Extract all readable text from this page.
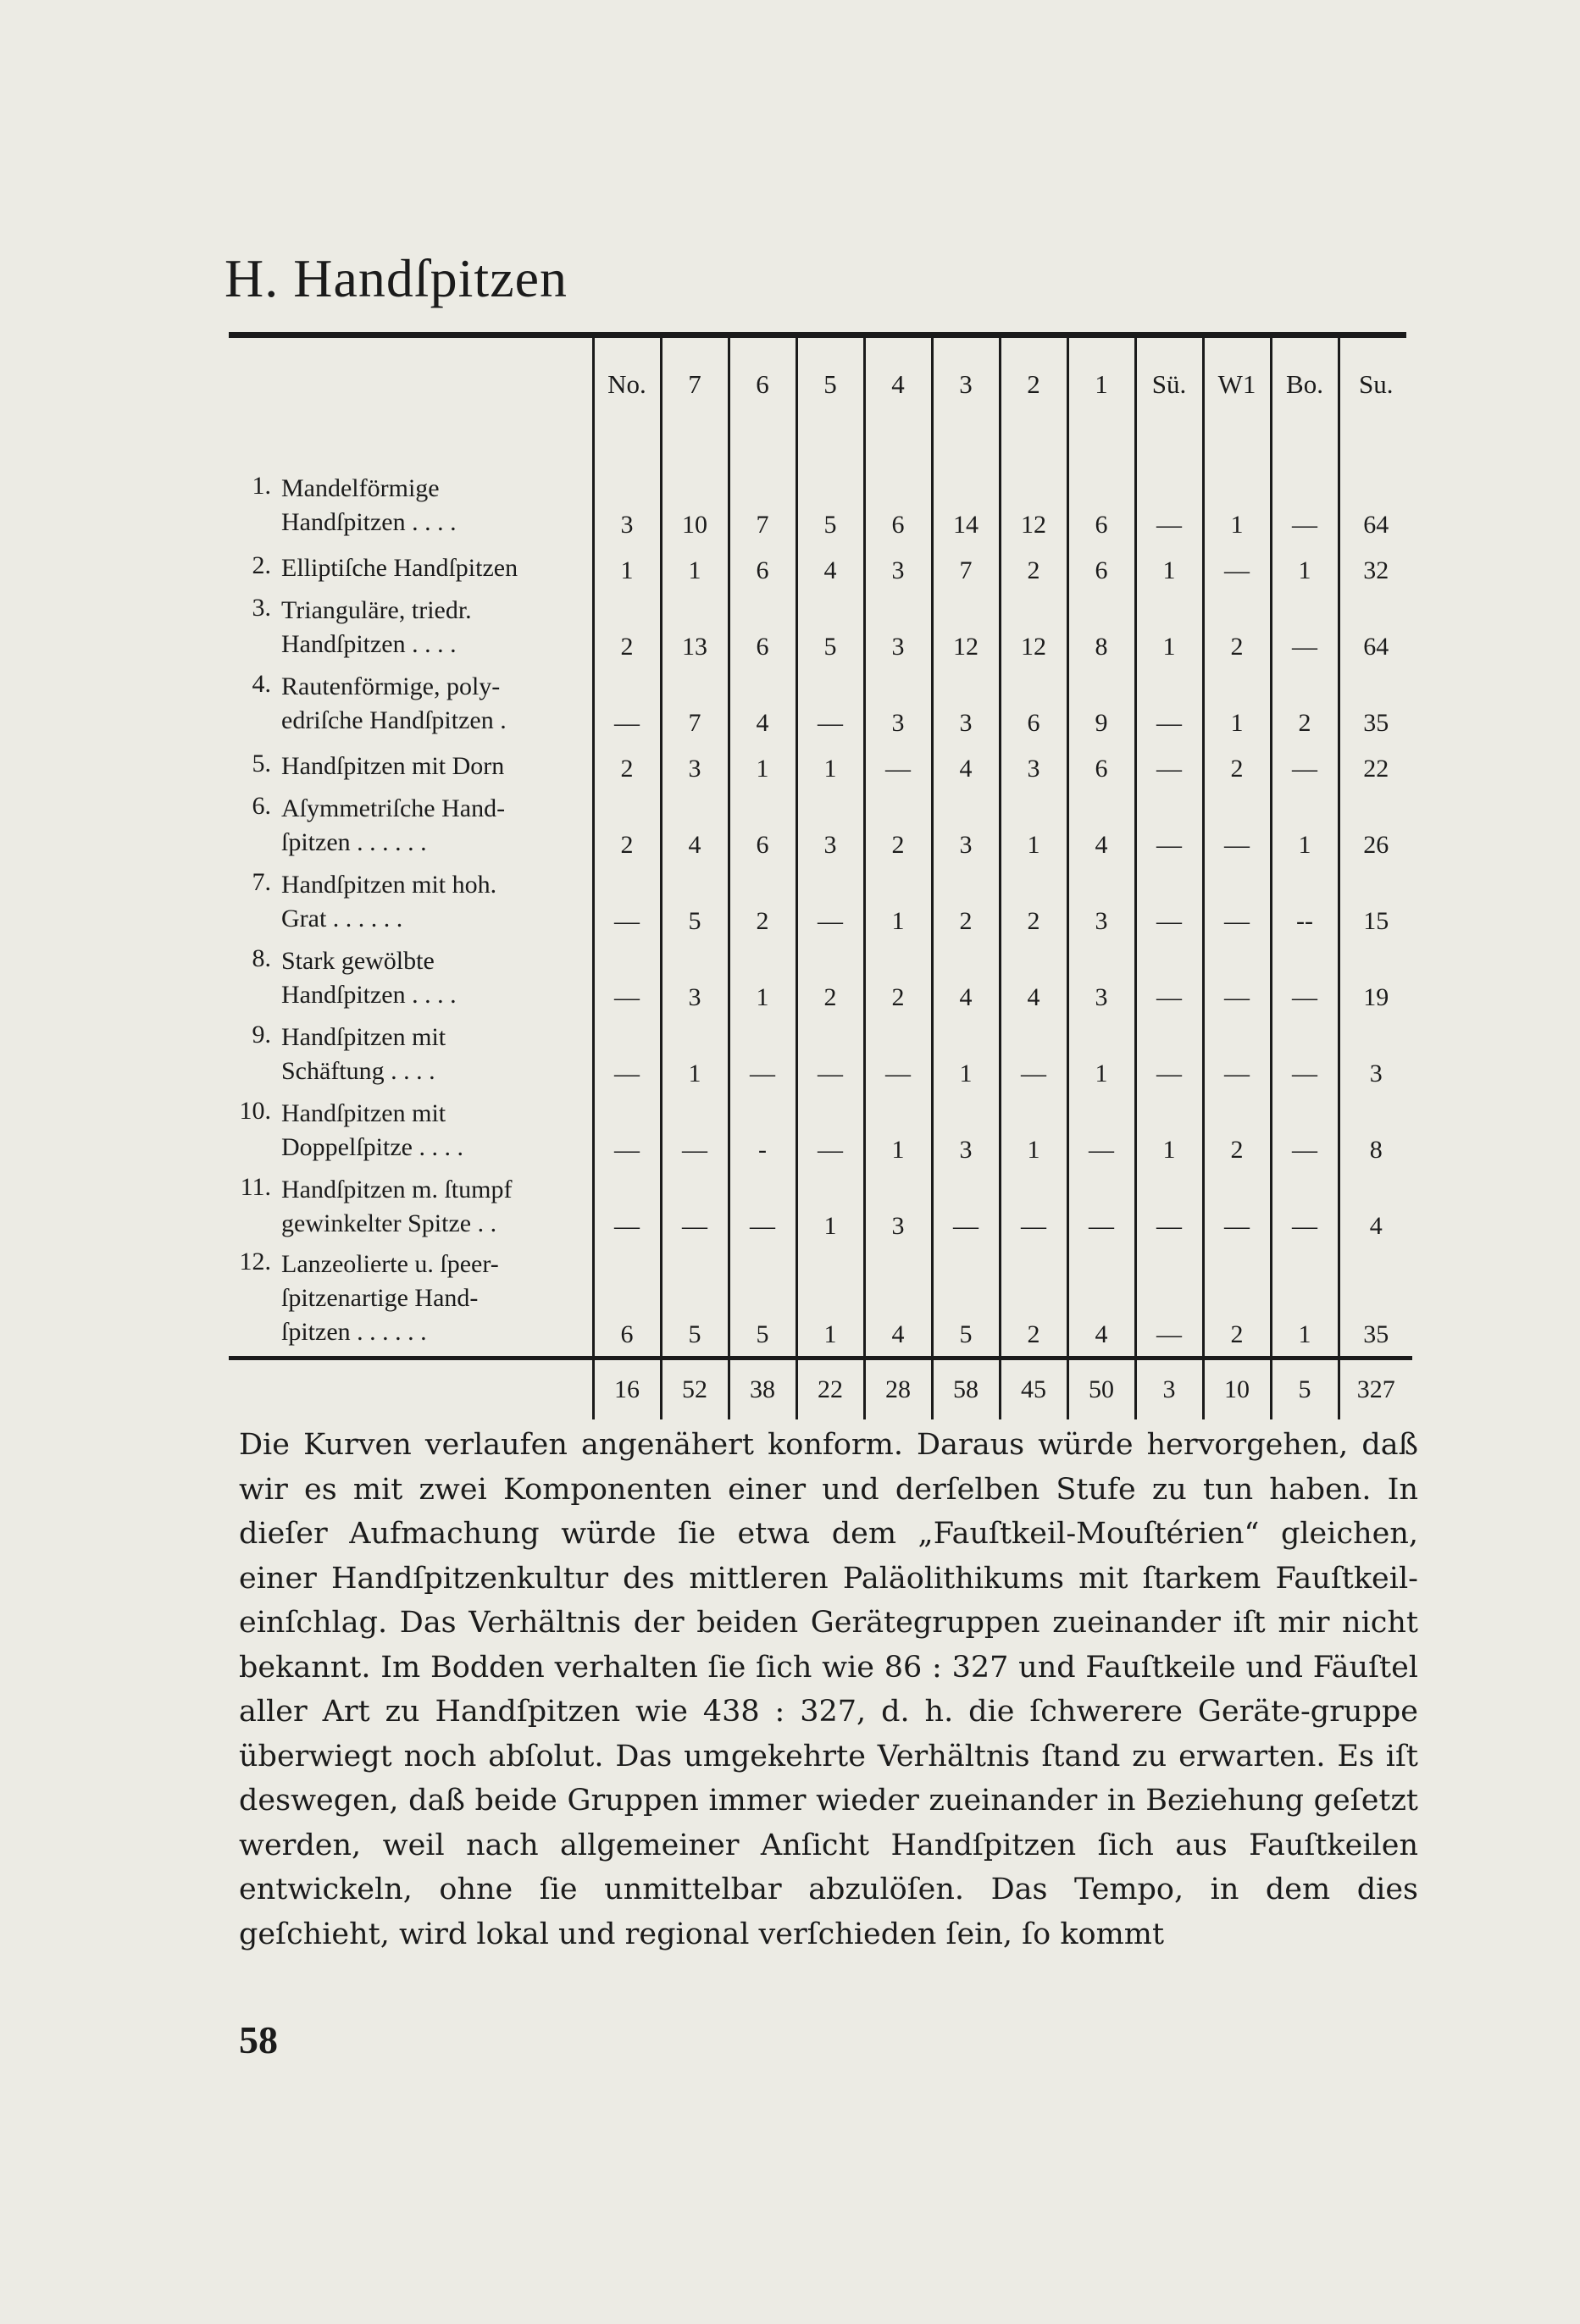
H. Handſpitzen
	No.	7	6	5	4	3	2	1	Sü.	W1	Bo.	Su.

1. Mandelförmige
Handſpitzen . . . .	3	10	7	5	6	14	12	6	—	1	—	64

2. Elliptiſche Handſpitzen	1	1	6	4	3	7	2	6	1	—	1	32

3. Trianguläre, triedr.
Handſpitzen . . . .	2	13	6	5	3	12	12	8	1	2	—	64

4. Rautenförmige, poly-
edriſche Handſpitzen .	—	7	4	—	3	3	6	9	—	1	2	35

5. Handſpitzen mit Dorn	2	3	1	1	—	4	3	6	—	2	—	22

6. Aſymmetriſche Hand-
ſpitzen . . . . . .	2	4	6	3	2	3	1	4	—	—	1	26

7. Handſpitzen mit hoh.
Grat . . . . . .	—	5	2	—	1	2	2	3	—	—	--	15

8. Stark gewölbte
Handſpitzen . . . .	—	3	1	2	2	4	4	3	—	—	—	19

9. Handſpitzen mit
Schäftung . . . .	—	1	—	—	—	1	—	1	—	—	—	3

10. Handſpitzen mit
Doppelſpitze . . . .	—	—	-	—	1	3	1	—	1	2	—	8

11. Handſpitzen m. ſtumpf
gewinkelter Spitze . .	—	—	—	1	3	—	—	—	—	—	—	4

12. Lanzeolierte u. ſpeer-
ſpitzenartige Hand-
ſpitzen . . . . . .	6	5	5	1	4	5	2	4	—	2	1	35
	16	52	38	22	28	58	45	50	3	10	5	327

Die Kurven verlaufen angenähert konform. Daraus würde hervorgehen, daß wir es mit zwei Komponenten einer und derſelben Stufe zu tun haben. In dieſer Aufmachung würde ſie etwa dem „Fauſtkeil-Mouſtérien“ gleichen, einer Handſpitzenkultur des mittleren Paläolithikums mit ſtarkem Fauſtkeil-einſchlag. Das Verhältnis der beiden Gerätegruppen zueinander iſt mir nicht bekannt. Im Bodden verhalten ſie ſich wie 86 : 327 und Fauſtkeile und Fäuſtel aller Art zu Handſpitzen wie 438 : 327, d. h. die ſchwerere Geräte-gruppe überwiegt noch abſolut. Das umgekehrte Verhältnis ſtand zu erwarten. Es iſt deswegen, daß beide Gruppen immer wieder zueinander in Beziehung geſetzt werden, weil nach allgemeiner Anſicht Handſpitzen ſich aus Fauſtkeilen entwickeln, ohne ſie unmittelbar abzulöſen. Das Tempo, in dem dies geſchieht, wird lokal und regional verſchieden ſein, ſo kommt

58
